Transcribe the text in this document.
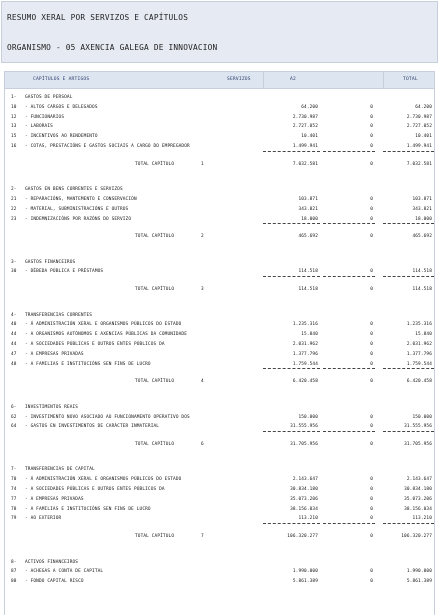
RESUMO XERAL POR SERVIZOS E CAPÍTULOS
ORGANISMO - 05 AXENCIA GALEGA DE INNOVACION
CAPÍTULOS E ARTIGOS	SERVIZOS	A2	TOTAL
1- GASTOS DE PERSOAL
10 - ALTOS CARGOS E DELEGADOS	64.200	0	64.200
12 - FUNCIONARIOS	2.730.987	0	2.730.987
13 - LABORAIS	2.727.052	0	2.727.052
15 - INCENTIVOS AO RENDEMENTO	10.401	0	10.401
16 - COTAS, PRESTACIÓNS E GASTOS SOCIAIS A CARGO DO EMPREGADOR	1.499.941	0	1.499.941
TOTAL CAPÍTULO	1	7.032.581	0	7.032.581
2- GASTOS EN BENS CORRENTES E SERVIZOS
21 - REPARACIÓNS, MANTEMENTO E CONSERVACIÓN	103.871	0	103.871
22 - MATERIAL, SUBMINISTRACIÓNS E OUTROS	343.821	0	343.821
23 - INDEMNIZACIÓNS POR RAZÓNS DO SERVIZO	18.000	0	18.000
TOTAL CAPÍTULO	2	465.692	0	465.692
3- GASTOS FINANCEIROS
30 - DÉBEDA PÚBLICA E PRÉSTAMOS	114.518	0	114.518
TOTAL CAPÍTULO	3	114.518	0	114.518
4- TRANSFERENCIAS CORRENTES
40 - Á ADMINISTRACIÓN XERAL E ORGANISMOS PÚBLICOS DO ESTADO	1.235.316	0	1.235.316
44 - A ORGANISMOS AUTÓNOMOS E AXENCIAS PÚBLICAS DA COMUNIDADE	15.840	0	15.840
44 - A SOCIEDADES PÚBLICAS E OUTROS ENTES PÚBLICOS DA	2.031.962	0	2.031.962
47 - A EMPRESAS PRIVADAS	1.377.796	0	1.377.796
48 - A FAMILIAS E INSTITUCIÓNS SEN FINS DE LUCRO	1.759.544	0	1.759.544
TOTAL CAPÍTULO	4	6.420.458	0	6.420.458
6- INVESTIMENTOS REAIS
62 - INVESTIMENTO NOVO ASOCIADO AO FUNCIONAMENTO OPERATIVO DOS	150.000	0	150.000
64 - GASTOS EN INVESTIMENTOS DE CARÁCTER INMATERIAL	31.555.956	0	31.555.956
TOTAL CAPÍTULO	6	31.705.956	0	31.705.956
7- TRANSFERENCIAS DE CAPITAL
70 - Á ADMINISTRACIÓN XERAL E ORGANISMOS PÚBLICOS DO ESTADO	2.143.647	0	2.143.647
74 - A SOCIEDADES PÚBLICAS E OUTROS ENTES PÚBLICOS DA	30.834.180	0	30.834.180
77 - A EMPRESAS PRIVADAS	35.073.206	0	35.073.206
78 - A FAMILIAS E INSTITUCIÓNS SEN FINS DE LUCRO	38.156.034	0	38.156.034
79 - AO EXTERIOR	113.210	0	113.210
TOTAL CAPÍTULO	7	106.320.277	0	106.320.277
8- ACTIVOS FINANCEIROS
87 - ACHEGAS A CONTA DE CAPITAL	1.990.000	0	1.990.000
88 - FONDO CAPITAL RISCO	5.861.389	0	5.861.389
